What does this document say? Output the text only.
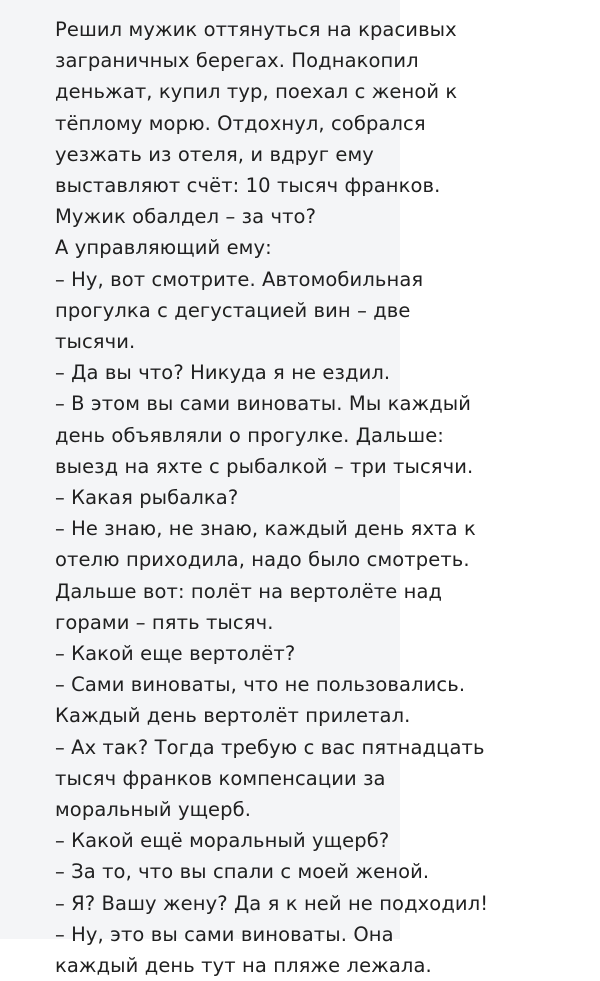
Решил мужик оттянуться на красивых
заграничных берегах. Поднакопил
деньжат, купил тур, поехал с женой к
тёплому морю. Отдохнул, собрался
уезжать из отеля, и вдруг ему
выставляют счёт: 10 тысяч франков.
Мужик обалдел – за что?
А управляющий ему:
– Ну, вот смотрите. Автомобильная
прогулка с дегустацией вин – две
тысячи.
– Да вы что? Никуда я не ездил.
– В этом вы сами виноваты. Мы каждый
день объявляли о прогулке. Дальше:
выезд на яхте с рыбалкой – три тысячи.
– Какая рыбалка?
– Не знаю, не знаю, каждый день яхта к
отелю приходила, надо было смотреть.
Дальше вот: полёт на вертолёте над
горами – пять тысяч.
– Какой еще вертолёт?
– Сами виноваты, что не пользовались.
Каждый день вертолёт прилетал.
– Ах так? Тогда требую с вас пятнадцать
тысяч франков компенсации за
моральный ущерб.
– Какой ещё моральный ущерб?
– За то, что вы спали с моей женой.
– Я? Вашу жену? Да я к ней не подходил!
– Ну, это вы сами виноваты. Она
каждый день тут на пляже лежала.
